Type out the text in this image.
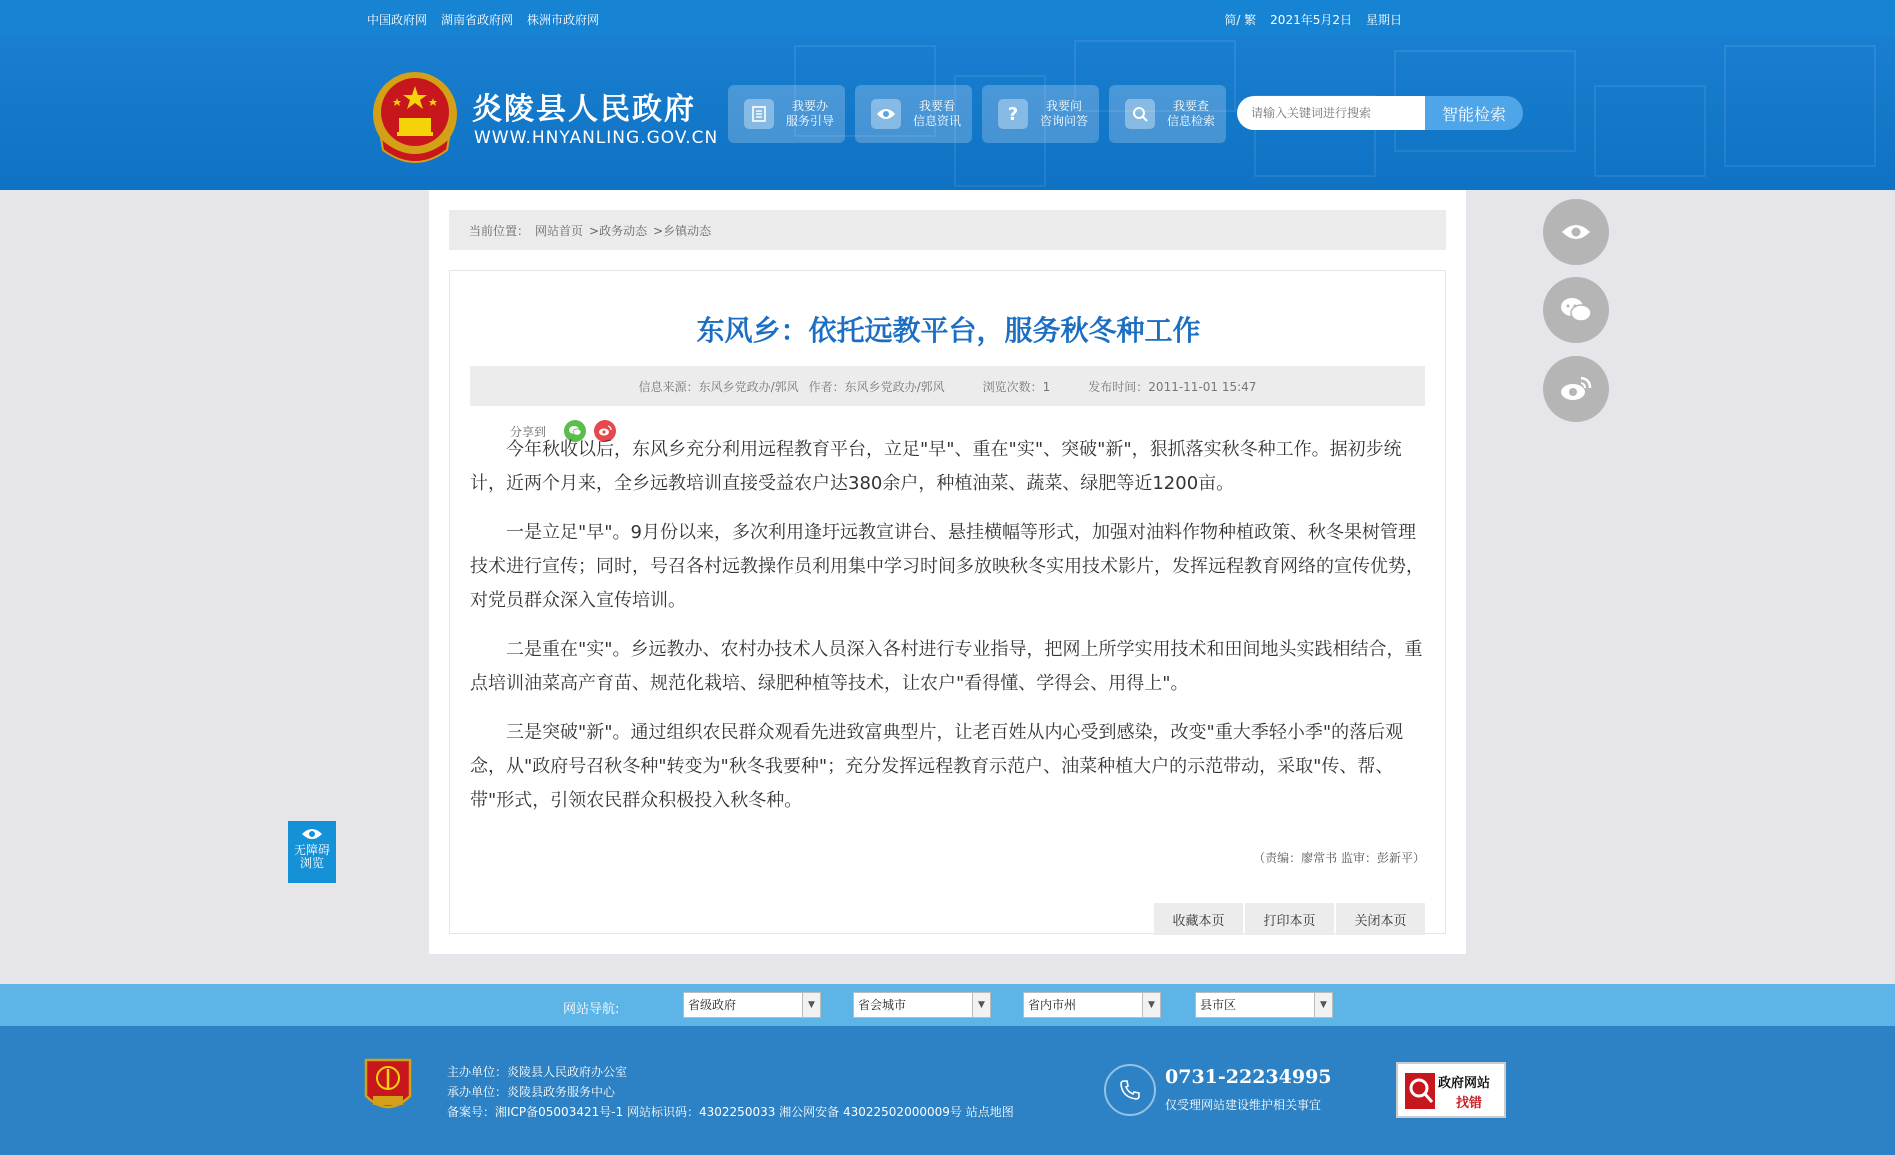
中国政府网 湖南省政府网 株洲市政府网	简/ 繁 2021年5月2日 星期日
炎陵县人民政府
WWW.HNYANLING.GOV.CN
我要办
服务引导
我要看
信息资讯	?	我要问
咨询问答
我要查
信息检索
请输入关键词进行搜索	智能检索
当前位置： 网站首页 >政务动态 >乡镇动态
东风乡：依托远教平台，服务秋冬种工作
信息来源：东风乡党政办/郭风 作者：东风乡党政办/郭风	浏览次数：1	发布时间：2011-11-01 15:47
分享到

今年秋收以后，东风乡充分利用远程教育平台，立足"早"、重在"实"、突破"新"，狠抓落实秋冬种工作。据初步统计，近两个月来，全乡远教培训直接受益农户达380余户，种植油菜、蔬菜、绿肥等近1200亩。

一是立足"早"。9月份以来，多次利用逢圩远教宣讲台、悬挂横幅等形式，加强对油料作物种植政策、秋冬果树管理技术进行宣传；同时，号召各村远教操作员利用集中学习时间多放映秋冬实用技术影片，发挥远程教育网络的宣传优势，对党员群众深入宣传培训。

二是重在"实"。乡远教办、农村办技术人员深入各村进行专业指导，把网上所学实用技术和田间地头实践相结合，重点培训油菜高产育苗、规范化栽培、绿肥种植等技术，让农户"看得懂、学得会、用得上"。

三是突破"新"。通过组织农民群众观看先进致富典型片，让老百姓从内心受到感染，改变"重大季轻小季"的落后观念，从"政府号召秋冬种"转变为"秋冬我要种"；充分发挥远程教育示范户、油菜种植大户的示范带动，采取"传、帮、带"形式，引领农民群众积极投入秋冬种。

（责编：廖常书 监审：彭新平）
收藏本页	打印本页	关闭本页
无障碍
浏览
网站导航:	省级政府	▼	省会城市	▼	省内市州	▼	县市区	▼
主办单位：炎陵县人民政府办公室
承办单位：炎陵县政务服务中心
备案号：湘ICP备05003421号-1 网站标识码：4302250033 湘公网安备 43022502000009号 站点地图
0731-22234995
仅受理网站建设维护相关事宜
政府网站
找错
